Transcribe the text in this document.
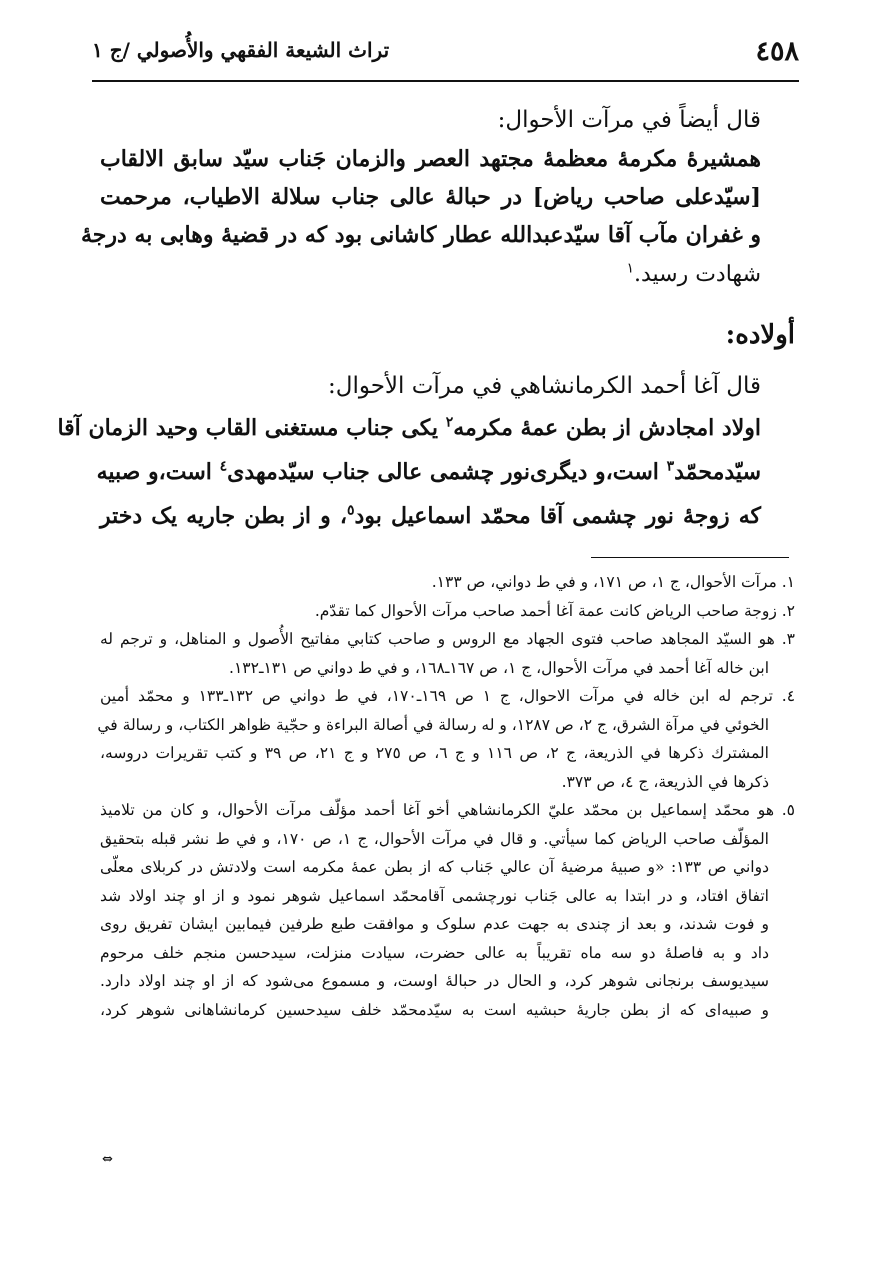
٤٥٨
تراث الشيعة الفقهي والأُصولي /ج ١
قال أيضاً في مرآت الأحوال:
همشيرهٔ مكرمهٔ معظمهٔ مجتهد العصر والزمان جَناب سيّد سابق الالقاب
[سيّدعلى صاحب رياض] در حبالهٔ عالى جناب سلالة الاطياب، مرحمت
و غفران مآب آقا سيّدعبدالله عطار كاشانى بود كه در قضيهٔ وهابى به درجهٔ
شهادت رسيد.$^١$
أولاده:
قال آغا أحمد الكرمانشاهي في مرآت الأحوال:
اولاد امجادش از بطن عمهٔ مكرمه$^٢$ يكى جناب مستغنى القاب وحيد الزمان آقا
سيّدمحمّد$^٣$ است،و ديگرى‌نور چشمى عالى جناب سيّدمهدى$^٤$ است،و صبيه
كه زوجهٔ نور چشمى آقا محمّد اسماعيل بود$^٥$، و از بطن جاريه يک دختر
١. مرآت الأحوال، ج ١، ص ١٧١، و في ط دواني، ص ١٣٣.
٢. زوجة صاحب الرياض كانت عمة آغا أحمد صاحب مرآت الأحوال كما تقدّم.
٣. هو السيّد المجاهد صاحب فتوى الجهاد مع الروس و صاحب كتابي مفاتيح الأُصول و المناهل، و ترجم له
ابن خاله آغا أحمد في مرآت الأحوال، ج ١، ص ١٦٧ـ١٦٨، و في ط دواني ص ١٣١ـ١٣٢.
٤. ترجم له ابن خاله في مرآت الاحوال، ج ١ ص ١٦٩ـ١٧٠، في ط دواني ص ١٣٢ـ١٣٣ و محمّد أمين
الخوئي في مرآة الشرق، ج ٢، ص ١٢٨٧، و له رسالة في أصالة البراءة و حجّية ظواهر الكتاب، و رسالة في
المشترك ذكرها في الذريعة، ج ٢، ص ١١٦ و ج ٦، ص ٢٧٥ و ج ٢١، ص ٣٩ و كتب تقريرات دروسه،
ذكرها في الذريعة، ج ٤، ص ٣٧٣.
٥. هو محمّد إسماعيل بن محمّد عليّ الكرمانشاهي أخو آغا أحمد مؤلّف مرآت الأحوال، و كان من تلاميذ
المؤلّف صاحب الرياض كما سيأتي. و قال في مرآت الأحوال، ج ١، ص ١٧٠، و في ط نشر قبله بتحقيق
دواني ص ١٣٣: «و صبيهٔ مرضيهٔ آن عالي جَناب كه از بطن عمهٔ مكرمه است ولادتش در كربلاى معلّى
اتفاق افتاد، و در ابتدا به عالى جَناب نورچشمى آقامحمّد اسماعيل شوهر نمود و از او چند اولاد شد
و فوت شدند، و بعد از چندى به جهت عدم سلوک و موافقت طبع طرفين فيمابين ايشان تفريق روى
داد و به فاصلهٔ دو سه ماه تقريباً به عالى حضرت، سيادت منزلت، سيدحسن منجم خلف مرحوم
سيديوسف برنجانى شوهر كرد، و الحال در حبالهٔ اوست، و مسموع مى‌شود كه از او چند اولاد دارد.
و صبيه‌اى كه از بطن جاريهٔ حبشيه است به سيّدمحمّد خلف سيدحسين كرمانشاهانى شوهر كرد،
⇔
